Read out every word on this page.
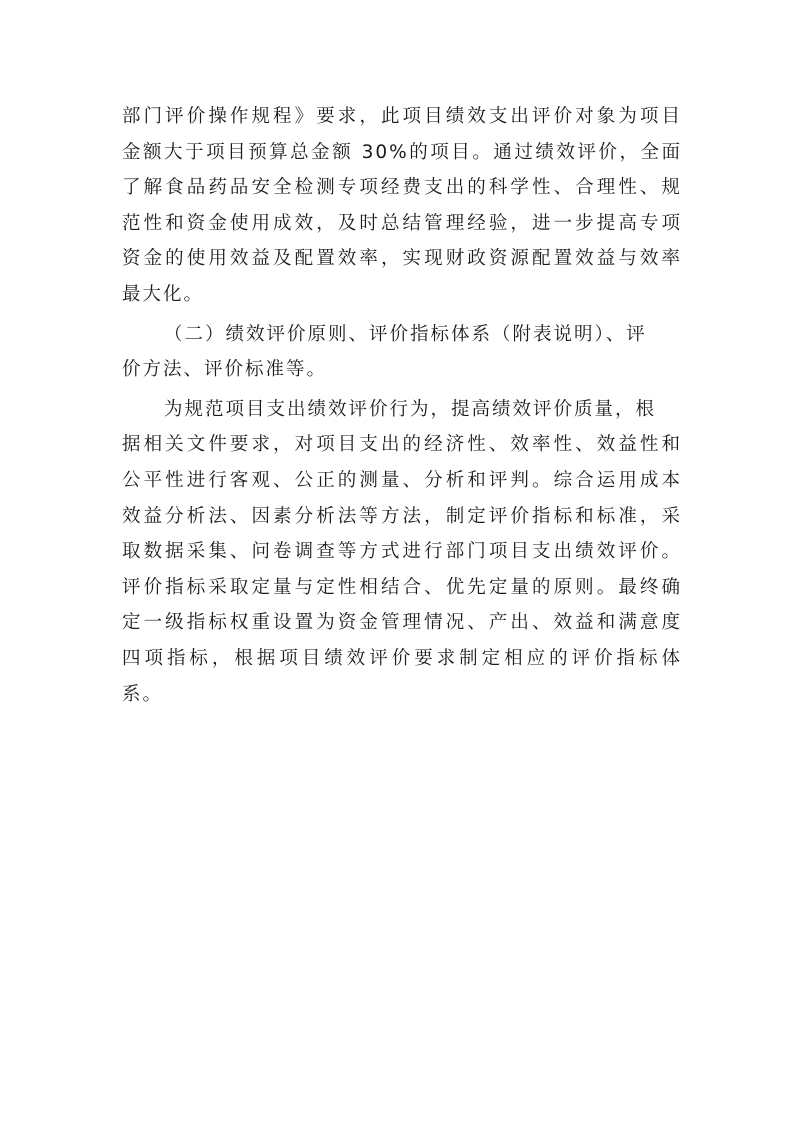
部门评价操作规程》要求，此项目绩效支出评价对象为项目
金额大于项目预算总金额 30%的项目。通过绩效评价，全面
了解食品药品安全检测专项经费支出的科学性、合理性、规
范性和资金使用成效，及时总结管理经验，进一步提高专项
资金的使用效益及配置效率，实现财政资源配置效益与效率
最大化。
（二）绩效评价原则、评价指标体系（附表说明）、评
价方法、评价标准等。
为规范项目支出绩效评价行为，提高绩效评价质量，根
据相关文件要求，对项目支出的经济性、效率性、效益性和
公平性进行客观、公正的测量、分析和评判。综合运用成本
效益分析法、因素分析法等方法，制定评价指标和标准，采
取数据采集、问卷调查等方式进行部门项目支出绩效评价。
评价指标采取定量与定性相结合、优先定量的原则。最终确
定一级指标权重设置为资金管理情况、产出、效益和满意度
四项指标，根据项目绩效评价要求制定相应的评价指标体
系。
